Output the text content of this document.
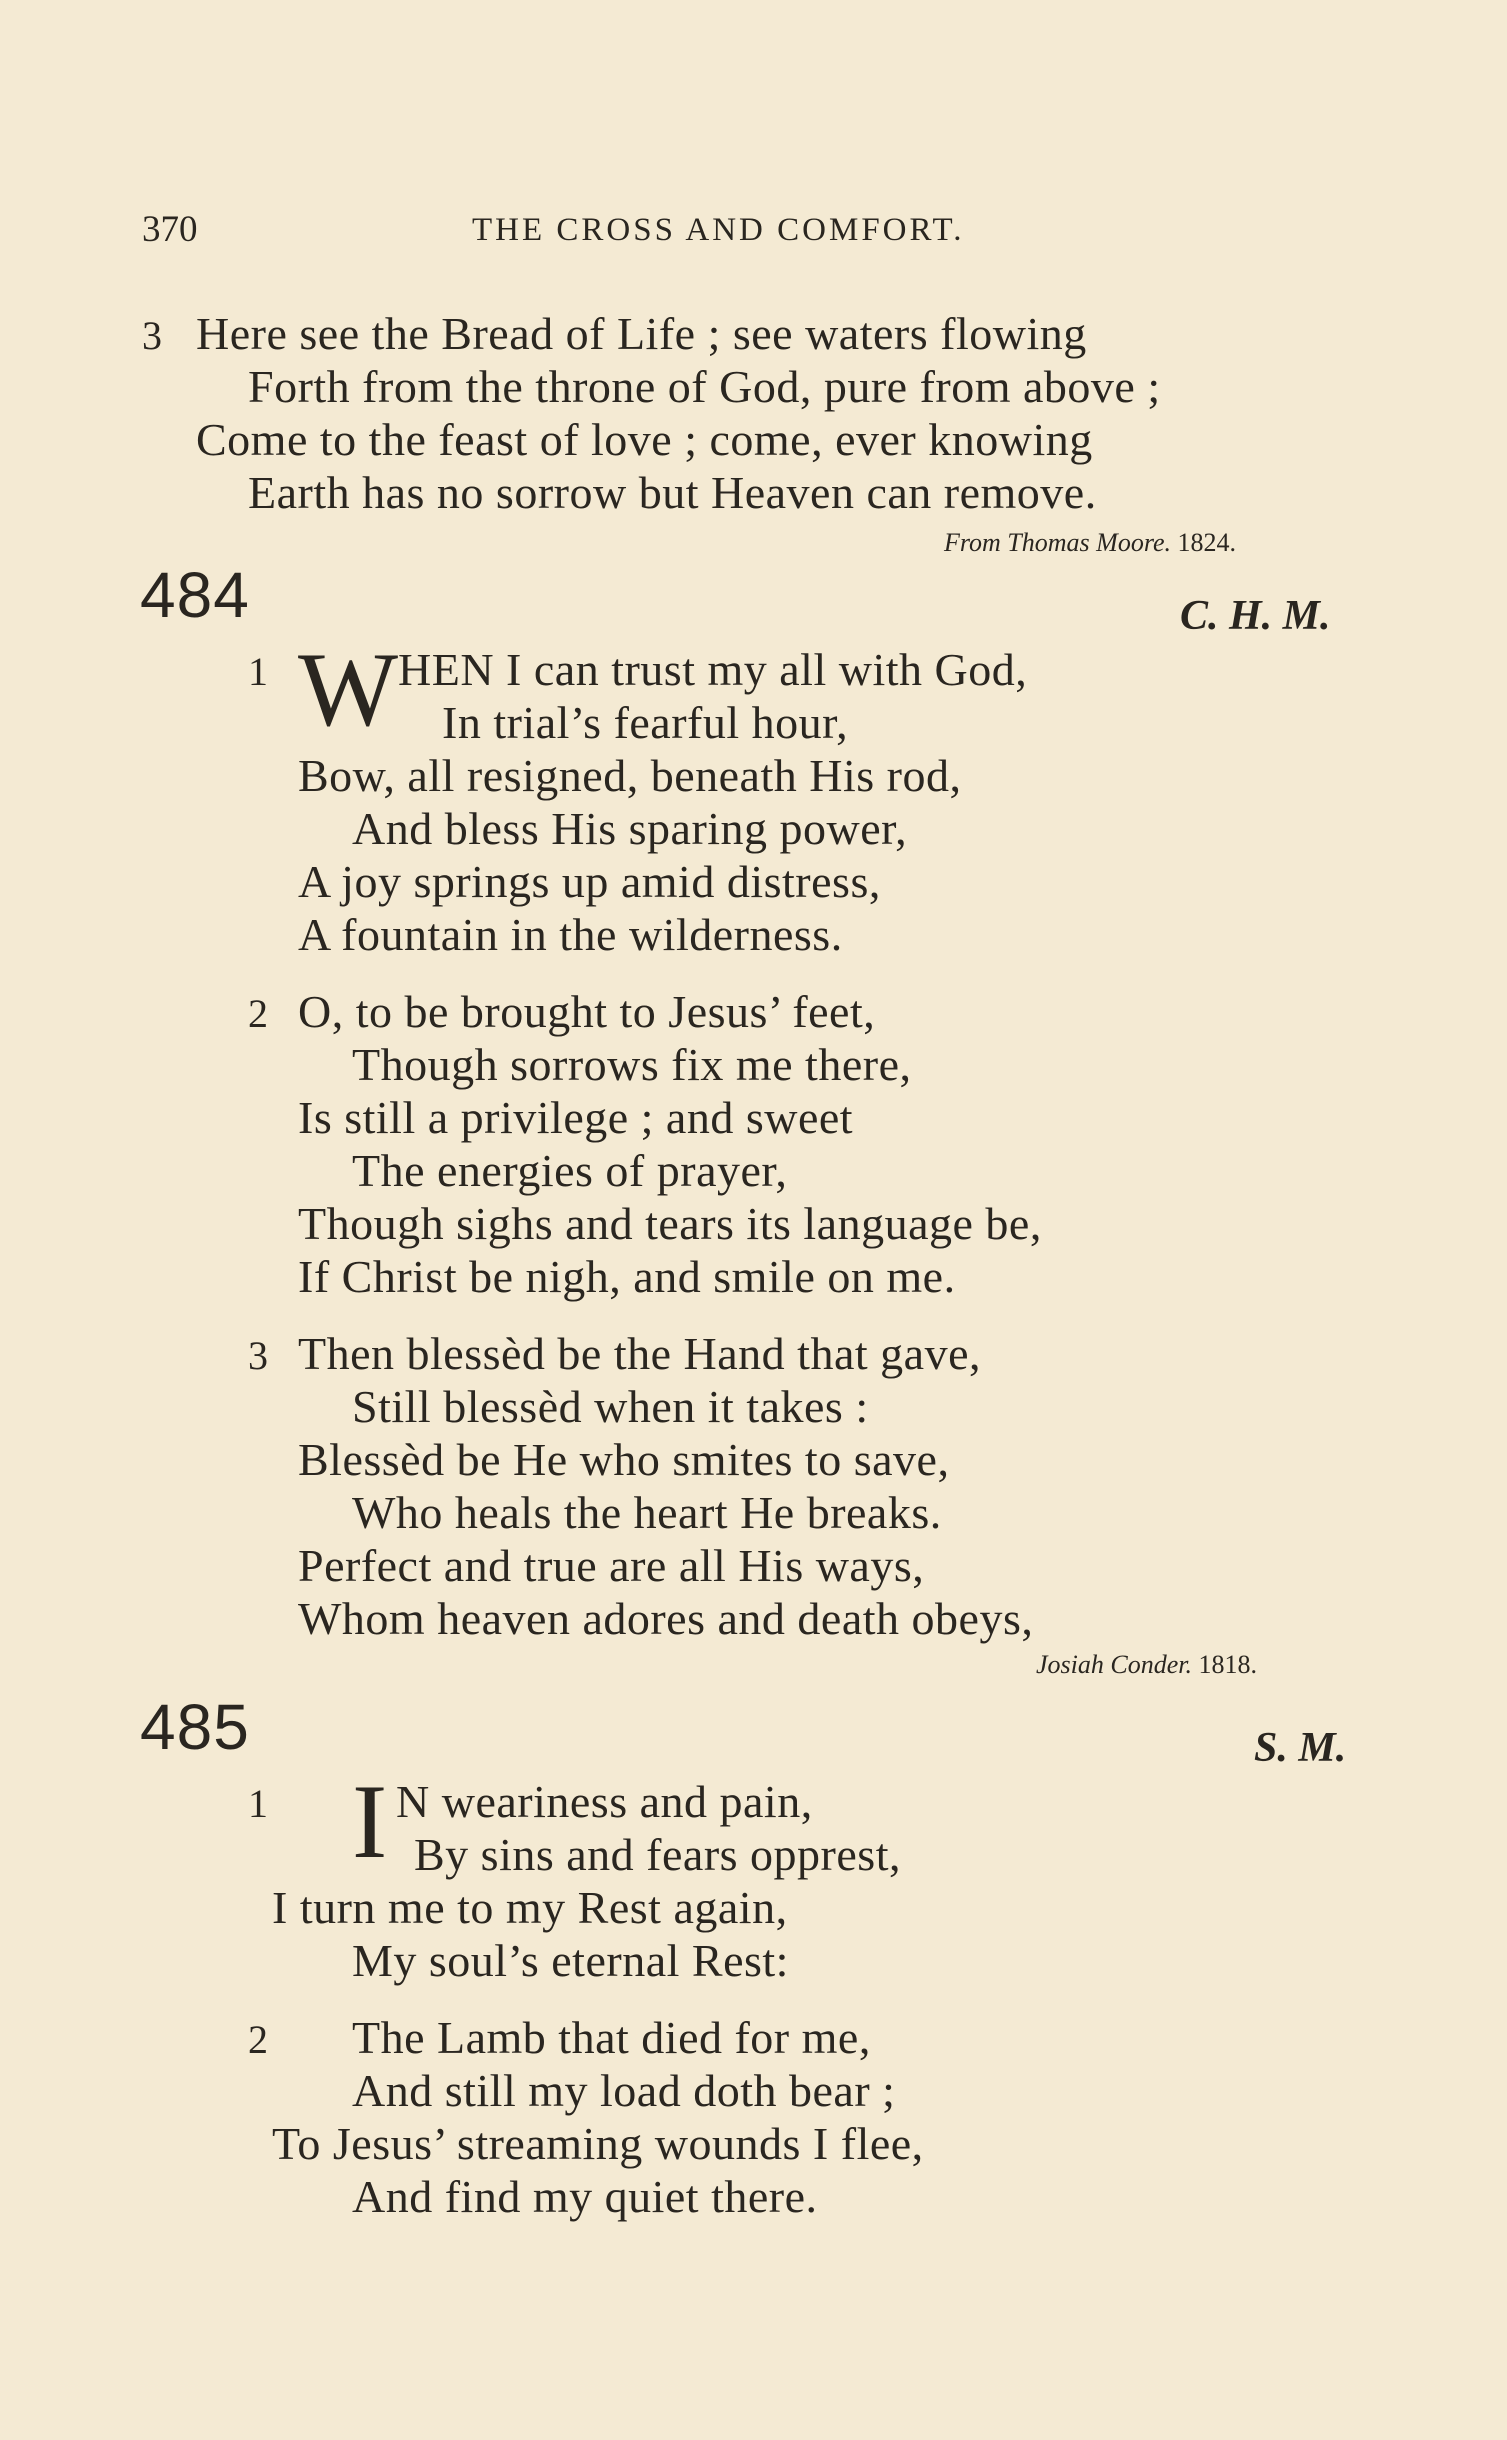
370	THE CROSS AND COMFORT.
3 Here see the Bread of Life ; see waters flowing
Forth from the throne of God, pure from above ;
Come to the feast of love ; come, ever knowing
Earth has no sorrow but Heaven can remove.
From Thomas Moore. 1824.
484	C. H. M.
1 W HEN I can trust my all with God,
In trial’s fearful hour,
Bow, all resigned, beneath His rod,
And bless His sparing power,
A joy springs up amid distress,
A fountain in the wilderness.
2 O, to be brought to Jesus’ feet,
Though sorrows fix me there,
Is still a privilege ; and sweet
The energies of prayer,
Though sighs and tears its language be,
If Christ be nigh, and smile on me.
3 Then blessèd be the Hand that gave,
Still blessèd when it takes :
Blessèd be He who smites to save,
Who heals the heart He breaks.
Perfect and true are all His ways,
Whom heaven adores and death obeys,
Josiah Conder. 1818.
485	S. M.
1 I N weariness and pain,
By sins and fears opprest,
I turn me to my Rest again,
My soul’s eternal Rest:
2 The Lamb that died for me,
And still my load doth bear ;
To Jesus’ streaming wounds I flee,
And find my quiet there.
